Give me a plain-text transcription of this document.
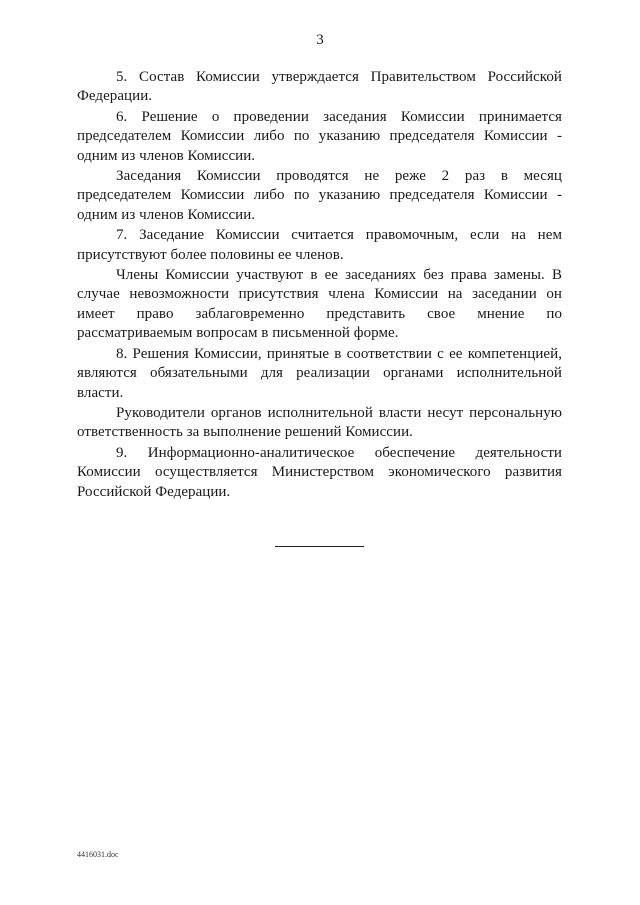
3

5. Состав Комиссии утверждается Правительством Российской Федерации.

6. Решение о проведении заседания Комиссии принимается председателем Комиссии либо по указанию председателя Комиссии - одним из членов Комиссии.

Заседания Комиссии проводятся не реже 2 раз в месяц председателем Комиссии либо по указанию председателя Комиссии - одним из членов Комиссии.

7. Заседание Комиссии считается правомочным, если на нем присутствуют более половины ее членов.

Члены Комиссии участвуют в ее заседаниях без права замены. В случае невозможности присутствия члена Комиссии на заседании он имеет право заблаговременно представить свое мнение по рассматриваемым вопросам в письменной форме.

8. Решения Комиссии, принятые в соответствии с ее компетенцией, являются обязательными для реализации органами исполнительной власти.

Руководители органов исполнительной власти несут персональную ответственность за выполнение решений Комиссии.

9. Информационно-аналитическое обеспечение деятельности Комиссии осуществляется Министерством экономического развития Российской Федерации.

4416031.doc
